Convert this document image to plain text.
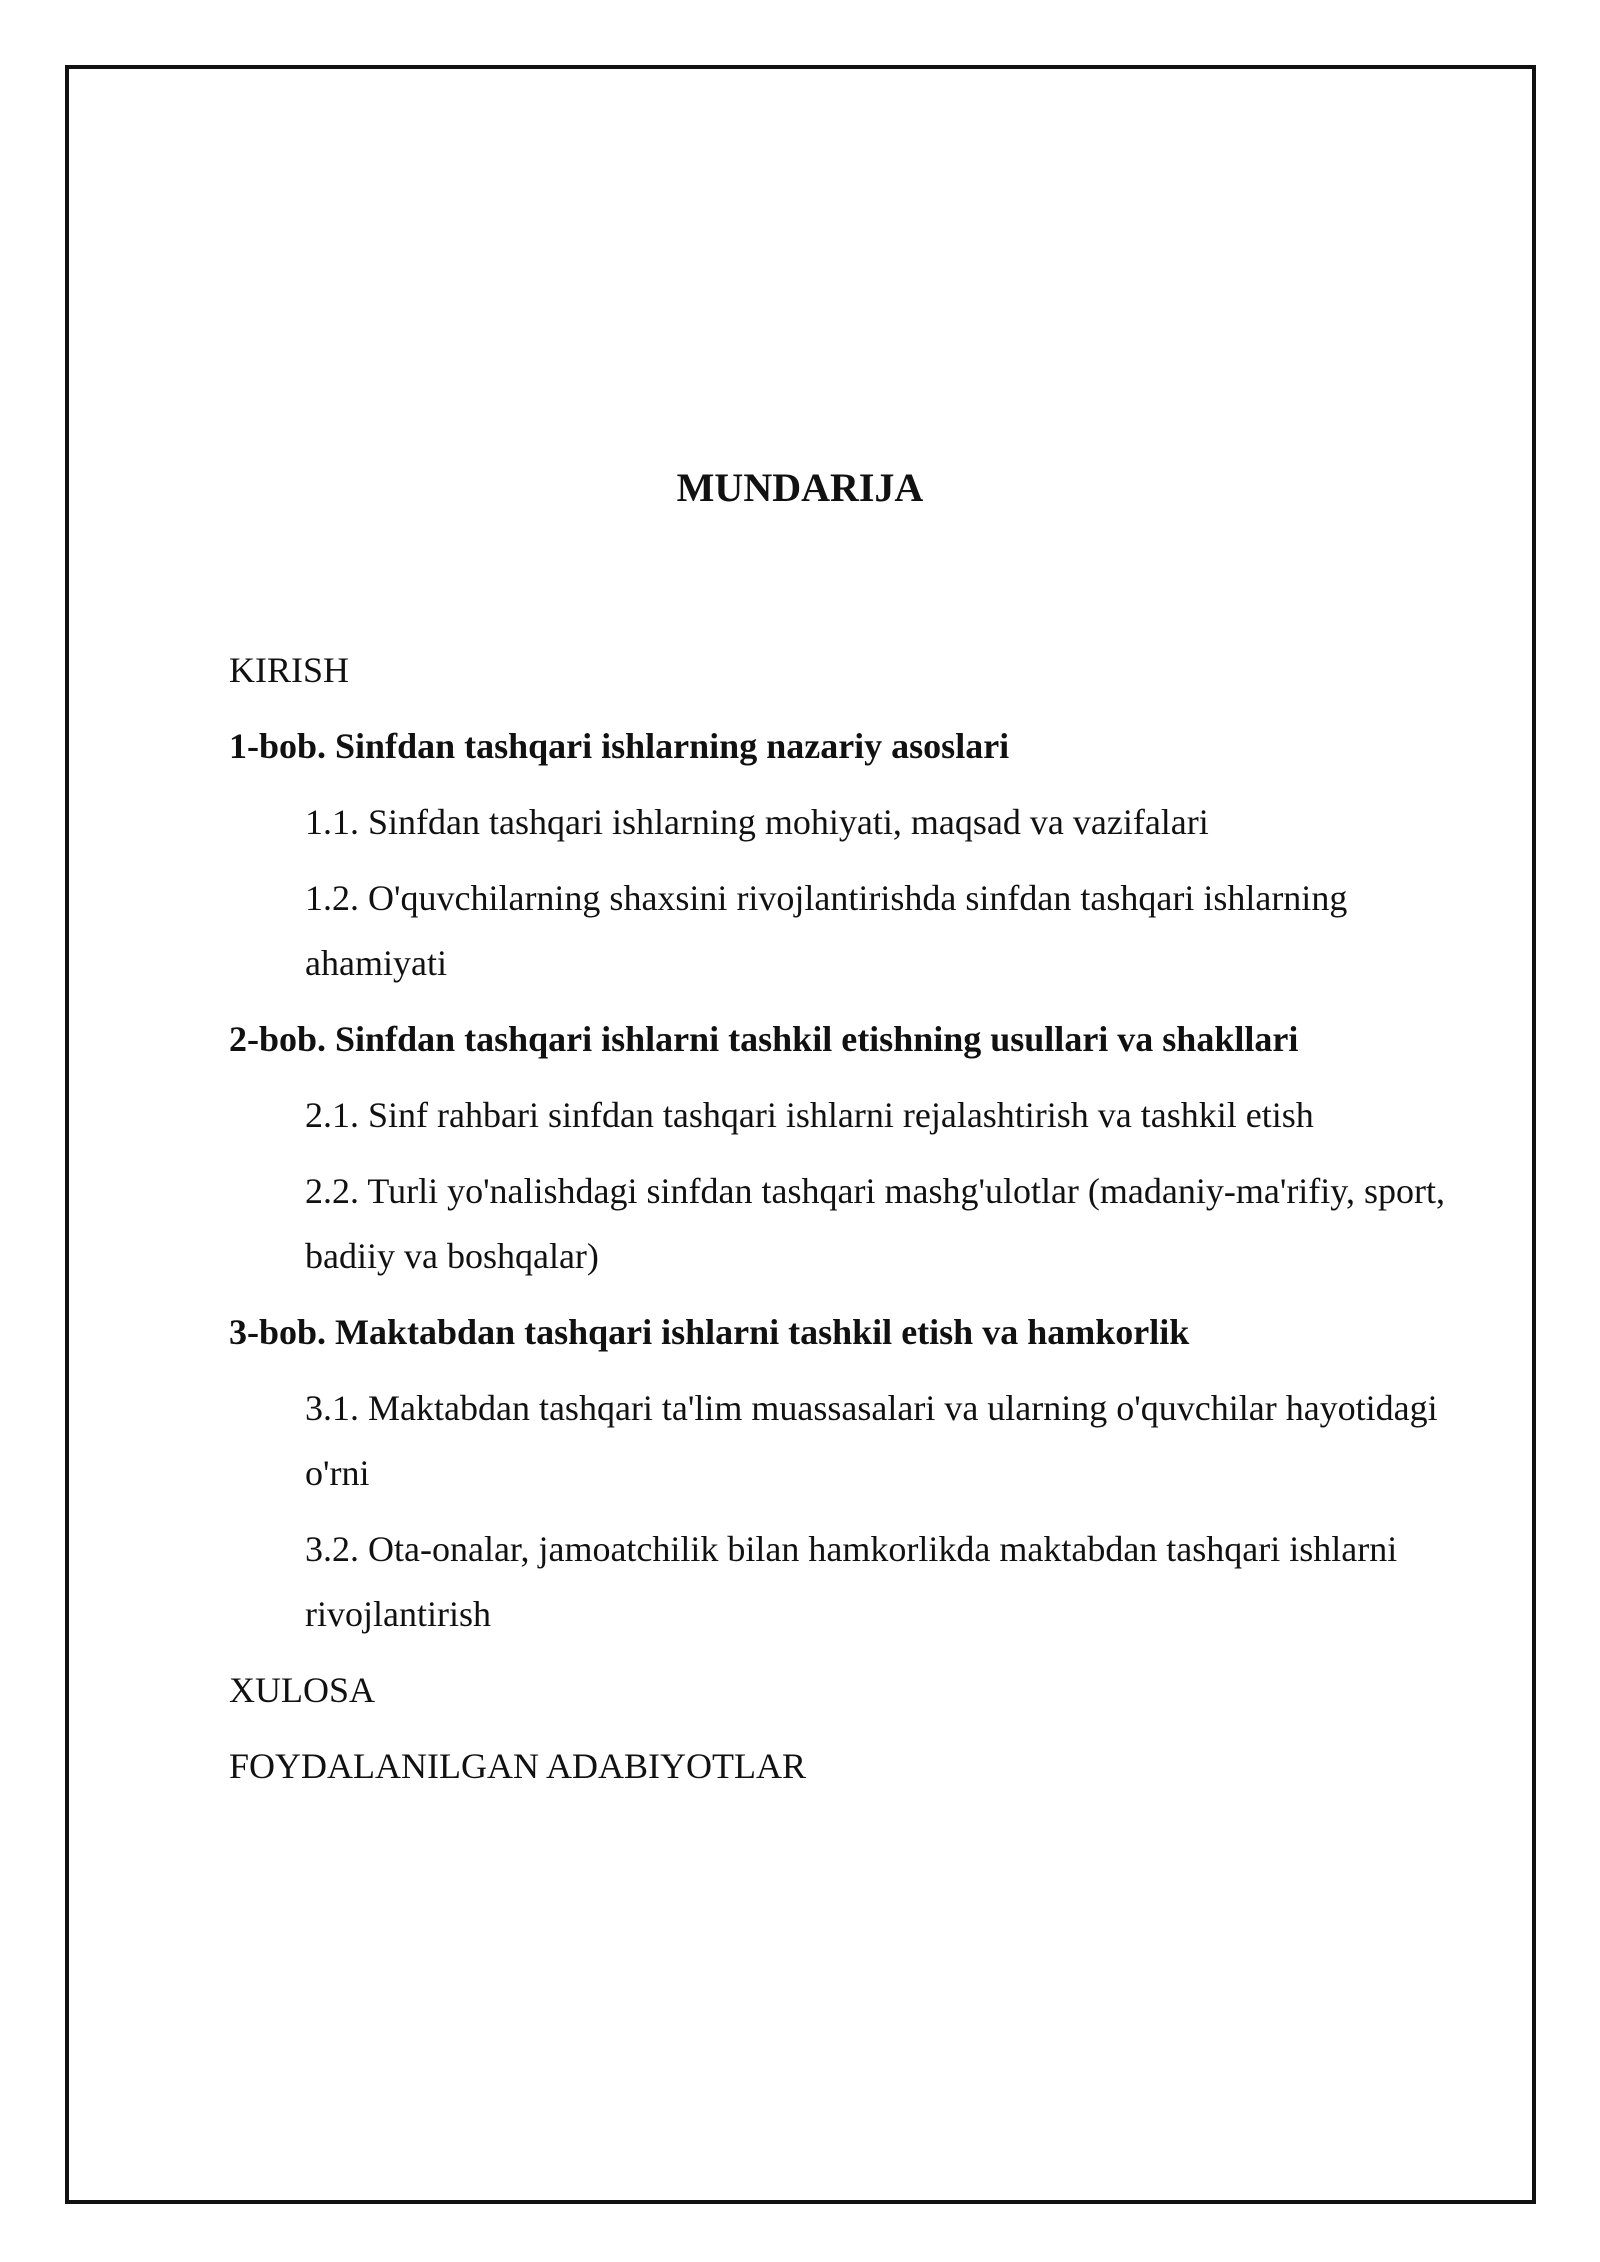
MUNDARIJA
KIRISH
1-bob. Sinfdan tashqari ishlarning nazariy asoslari
1.1. Sinfdan tashqari ishlarning mohiyati, maqsad va vazifalari
1.2. O'quvchilarning shaxsini rivojlantirishda sinfdan tashqari ishlarning ahamiyati
2-bob. Sinfdan tashqari ishlarni tashkil etishning usullari va shakllari
2.1. Sinf rahbari sinfdan tashqari ishlarni rejalashtirish va tashkil etish
2.2. Turli yo'nalishdagi sinfdan tashqari mashg'ulotlar (madaniy-ma'rifiy, sport, badiiy va boshqalar)
3-bob. Maktabdan tashqari ishlarni tashkil etish va hamkorlik
3.1. Maktabdan tashqari ta'lim muassasalari va ularning o'quvchilar hayotidagi o'rni
3.2. Ota-onalar, jamoatchilik bilan hamkorlikda maktabdan tashqari ishlarni rivojlantirish
XULOSA
FOYDALANILGAN ADABIYOTLAR
